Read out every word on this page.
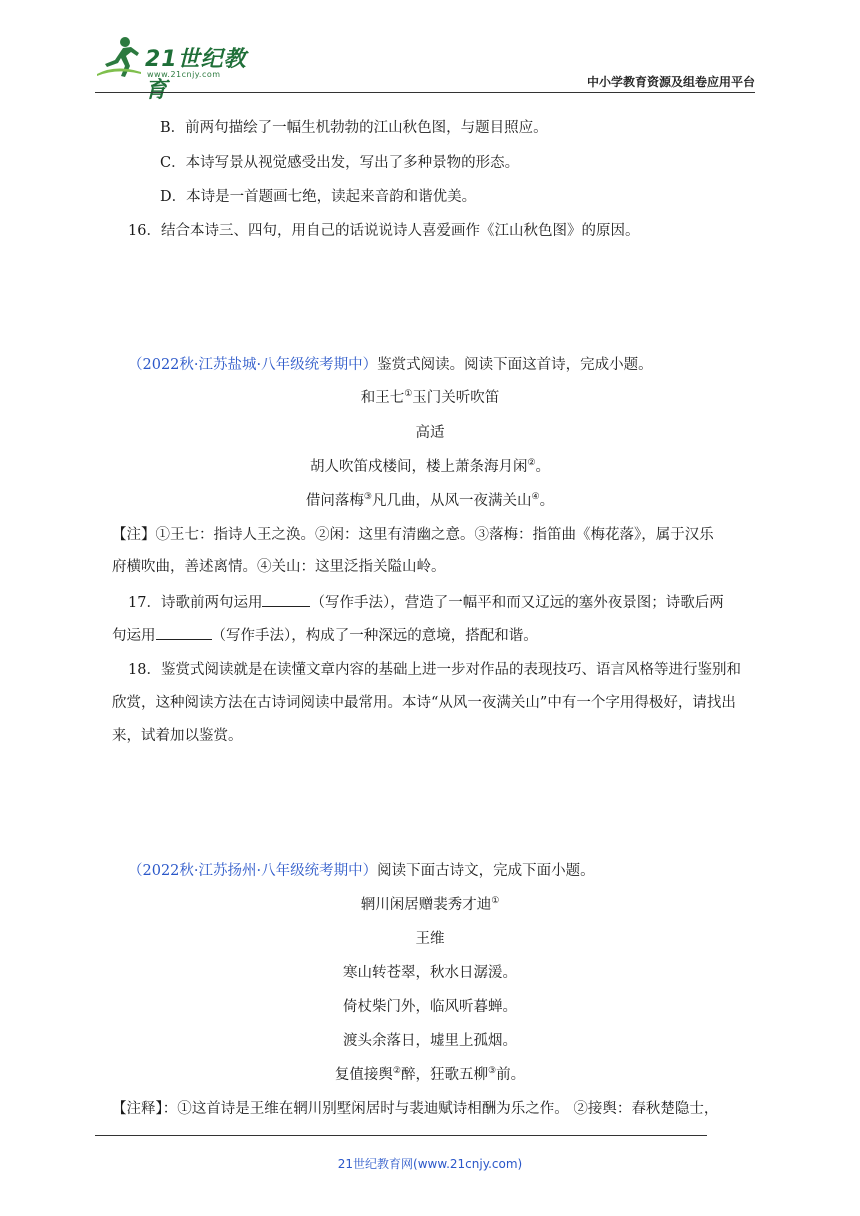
21世纪教育
www.21cnjy.com
中小学教育资源及组卷应用平台
B．前两句描绘了一幅生机勃勃的江山秋色图，与题目照应。
C．本诗写景从视觉感受出发，写出了多种景物的形态。
D．本诗是一首题画七绝，读起来音韵和谐优美。
16．结合本诗三、四句，用自己的话说说诗人喜爱画作《江山秋色图》的原因。
（2022秋·江苏盐城·八年级统考期中）鉴赏式阅读。阅读下面这首诗，完成小题。
和王七①玉门关听吹笛
高适
胡人吹笛戍楼间，楼上萧条海月闲②。
借问落梅③凡几曲，从风一夜满关山④。
【注】①王七：指诗人王之涣。②闲：这里有清幽之意。③落梅：指笛曲《梅花落》，属于汉乐
府横吹曲，善述离情。④关山：这里泛指关隘山岭。
17．诗歌前两句运用	（写作手法），营造了一幅平和而又辽远的塞外夜景图；诗歌后两
句运用	（写作手法），构成了一种深远的意境，搭配和谐。
18．鉴赏式阅读就是在读懂文章内容的基础上进一步对作品的表现技巧、语言风格等进行鉴别和
欣赏，这种阅读方法在古诗词阅读中最常用。本诗“从风一夜满关山”中有一个字用得极好，请找出
来，试着加以鉴赏。
（2022秋·江苏扬州·八年级统考期中）阅读下面古诗文，完成下面小题。
辋川闲居赠裴秀才迪①
王维
寒山转苍翠，秋水日潺湲。
倚杖柴门外，临风听暮蝉。
渡头余落日，墟里上孤烟。
复值接舆②醉，狂歌五柳③前。
【注释】：①这首诗是王维在辋川别墅闲居时与裴迪赋诗相酬为乐之作。 ②接舆：春秋楚隐士，
21世纪教育网(www.21cnjy.com)
